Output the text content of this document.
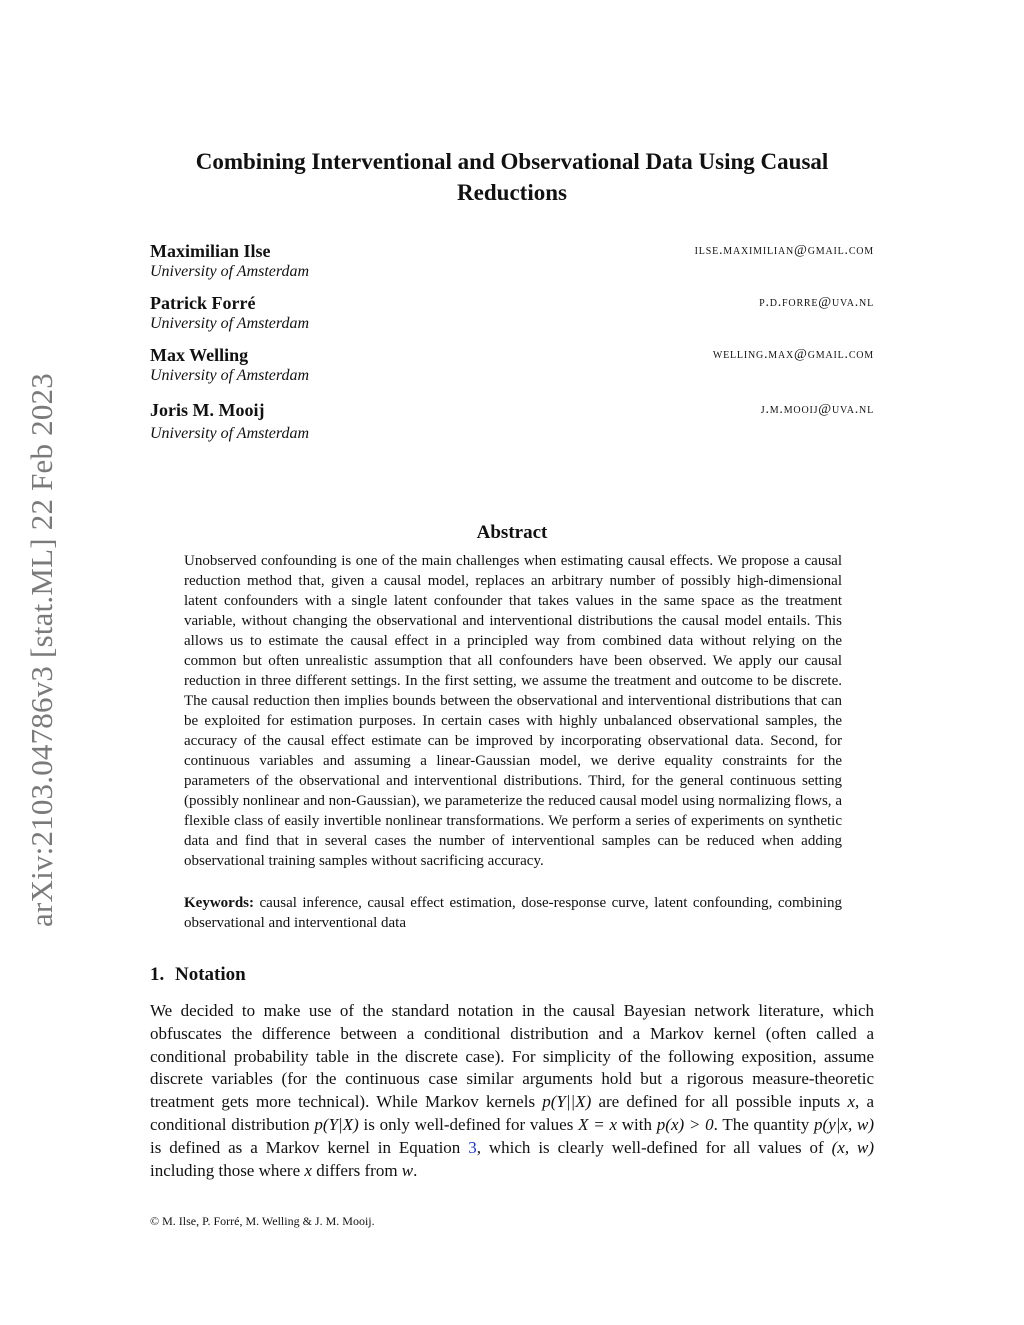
arXiv:2103.04786v3 [stat.ML] 22 Feb 2023
Combining Interventional and Observational Data Using Causal Reductions
Maximilian Ilse
University of Amsterdam
ilse.maximilian@gmail.com
Patrick Forré
University of Amsterdam
p.d.forre@uva.nl
Max Welling
University of Amsterdam
welling.max@gmail.com
Joris M. Mooij
University of Amsterdam
j.m.mooij@uva.nl
Abstract
Unobserved confounding is one of the main challenges when estimating causal effects. We propose a causal reduction method that, given a causal model, replaces an arbitrary number of possibly high-dimensional latent confounders with a single latent confounder that takes values in the same space as the treatment variable, without changing the observational and interventional distributions the causal model entails. This allows us to estimate the causal effect in a principled way from combined data without relying on the common but often unrealistic assumption that all confounders have been observed. We apply our causal reduction in three different settings. In the first setting, we assume the treatment and outcome to be discrete. The causal reduction then implies bounds between the observational and interventional distributions that can be exploited for estimation purposes. In certain cases with highly unbalanced observational samples, the accuracy of the causal effect estimate can be improved by incorporating observational data. Second, for continuous variables and assuming a linear-Gaussian model, we derive equality constraints for the parameters of the observational and interventional distributions. Third, for the general continuous setting (possibly nonlinear and non-Gaussian), we parameterize the reduced causal model using normalizing flows, a flexible class of easily invertible nonlinear transformations. We perform a series of experiments on synthetic data and find that in several cases the number of interventional samples can be reduced when adding observational training samples without sacrificing accuracy.
Keywords: causal inference, causal effect estimation, dose-response curve, latent confounding, combining observational and interventional data
1. Notation
We decided to make use of the standard notation in the causal Bayesian network literature, which obfuscates the difference between a conditional distribution and a Markov kernel (often called a conditional probability table in the discrete case). For simplicity of the following exposition, assume discrete variables (for the continuous case similar arguments hold but a rigorous measure-theoretic treatment gets more technical). While Markov kernels p(Y||X) are defined for all possible inputs x, a conditional distribution p(Y|X) is only well-defined for values X = x with p(x) > 0. The quantity p(y|x, w) is defined as a Markov kernel in Equation 3, which is clearly well-defined for all values of (x, w) including those where x differs from w.
© M. Ilse, P. Forré, M. Welling & J. M. Mooij.
